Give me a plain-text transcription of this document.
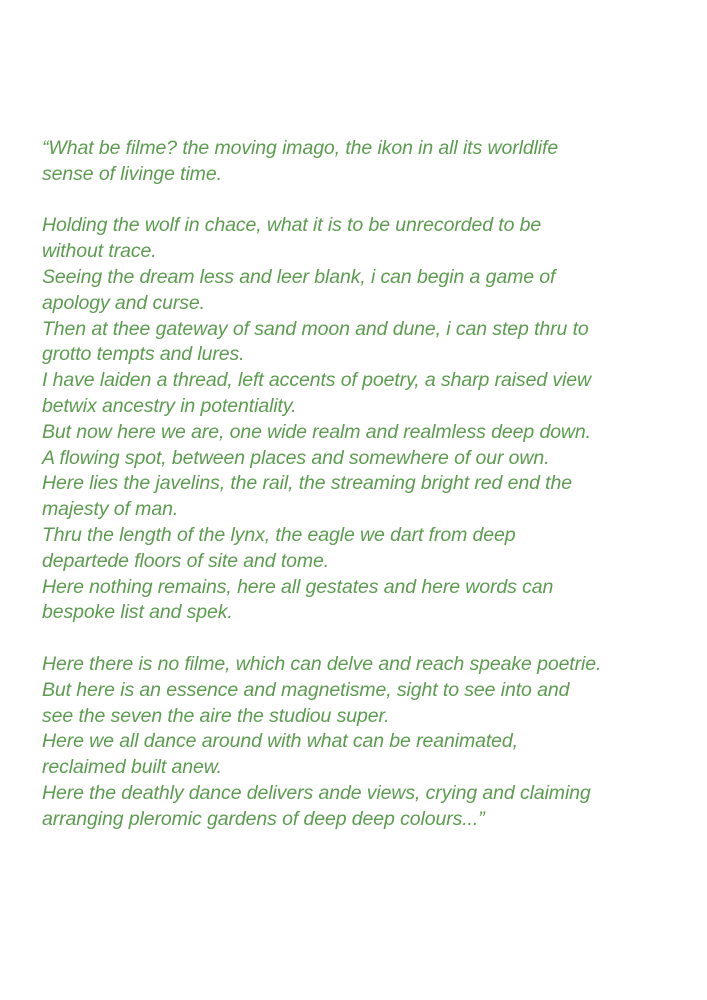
“What be filme? the moving imago, the ikon in all its worldlife
sense of livinge time.
Holding the wolf in chace, what it is to be unrecorded to be
without trace.
Seeing the dream less and leer blank, i can begin a game of
apology and curse.
Then at thee gateway of sand moon and dune, i can step thru to
grotto tempts and lures.
I have laiden a thread, left accents of poetry, a sharp raised view
betwix ancestry in potentiality.
But now here we are, one wide realm and realmless deep down.
A flowing spot, between places and somewhere of our own.
Here lies the javelins, the rail, the streaming bright red end the
majesty of man.
Thru the length of the lynx, the eagle we dart from deep
departede floors of site and tome.
Here nothing remains, here all gestates and here words can
bespoke list and spek.
Here there is no filme, which can delve and reach speake poetrie.
But here is an essence and magnetisme, sight to see into and
see the seven the aire the studiou super.
Here we all dance around with what can be reanimated,
reclaimed built anew.
Here the deathly dance delivers ande views, crying and claiming
arranging pleromic gardens of deep deep colours...”
